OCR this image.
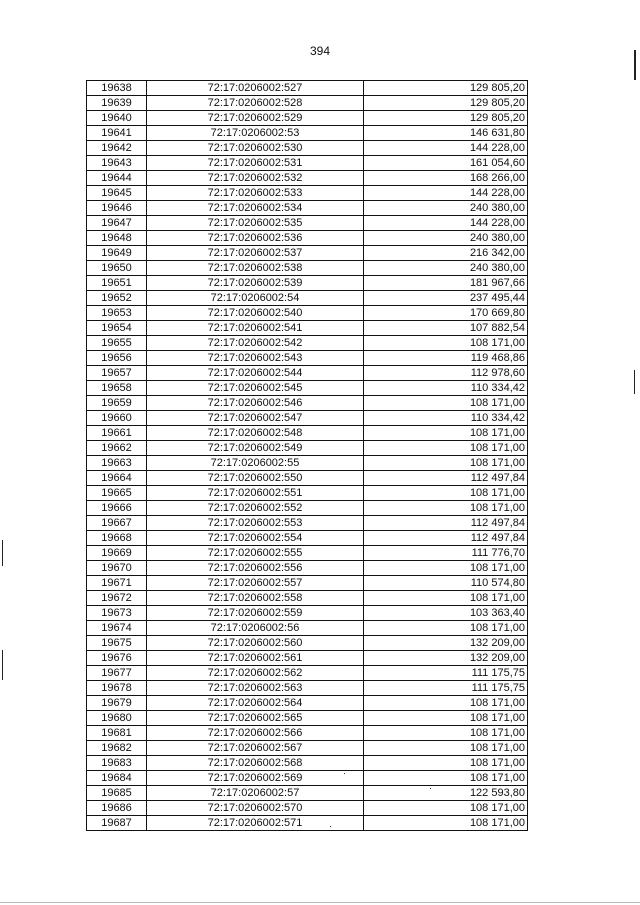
394
19638	72:17:0206002:527	129 805,20
19639	72:17:0206002:528	129 805,20
19640	72:17:0206002:529	129 805,20
19641	72:17:0206002:53	146 631,80
19642	72:17:0206002:530	144 228,00
19643	72:17:0206002:531	161 054,60
19644	72:17:0206002:532	168 266,00
19645	72:17:0206002:533	144 228,00
19646	72:17:0206002:534	240 380,00
19647	72:17:0206002:535	144 228,00
19648	72:17:0206002:536	240 380,00
19649	72:17:0206002:537	216 342,00
19650	72:17:0206002:538	240 380,00
19651	72:17:0206002:539	181 967,66
19652	72:17:0206002:54	237 495,44
19653	72:17:0206002:540	170 669,80
19654	72:17:0206002:541	107 882,54
19655	72:17:0206002:542	108 171,00
19656	72:17:0206002:543	119 468,86
19657	72:17:0206002:544	112 978,60
19658	72:17:0206002:545	110 334,42
19659	72:17:0206002:546	108 171,00
19660	72:17:0206002:547	110 334,42
19661	72:17:0206002:548	108 171,00
19662	72:17:0206002:549	108 171,00
19663	72:17:0206002:55	108 171,00
19664	72:17:0206002:550	112 497,84
19665	72:17:0206002:551	108 171,00
19666	72:17:0206002:552	108 171,00
19667	72:17:0206002:553	112 497,84
19668	72:17:0206002:554	112 497,84
19669	72:17:0206002:555	111 776,70
19670	72:17:0206002:556	108 171,00
19671	72:17:0206002:557	110 574,80
19672	72:17:0206002:558	108 171,00
19673	72:17:0206002:559	103 363,40
19674	72:17:0206002:56	108 171,00
19675	72:17:0206002:560	132 209,00
19676	72:17:0206002:561	132 209,00
19677	72:17:0206002:562	111 175,75
19678	72:17:0206002:563	111 175,75
19679	72:17:0206002:564	108 171,00
19680	72:17:0206002:565	108 171,00
19681	72:17:0206002:566	108 171,00
19682	72:17:0206002:567	108 171,00
19683	72:17:0206002:568	108 171,00
19684	72:17:0206002:569	108 171,00
19685	72:17:0206002:57	122 593,80
19686	72:17:0206002:570	108 171,00
19687	72:17:0206002:571	108 171,00
